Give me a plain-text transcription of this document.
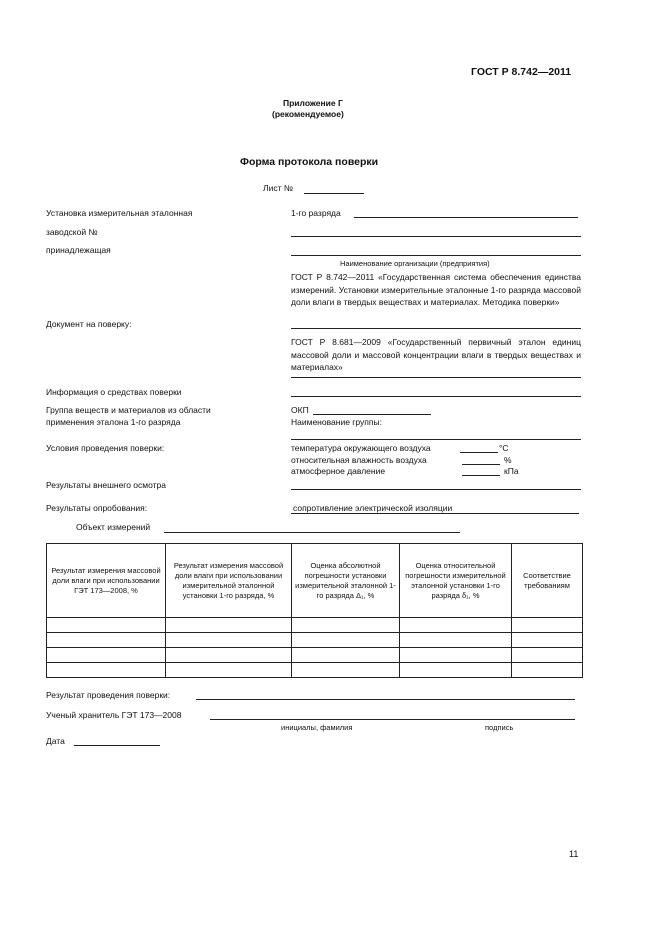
ГОСТ Р 8.742—2011
Приложение Г
(рекомендуемое)
Форма протокола поверки
Лист №
Установка измерительная эталонная	1-го разряда
заводской №
принадлежащая
Наименование организации (предприятия)
ГОСТ Р 8.742—2011 «Государственная система обеспечения единства измерений. Установки измерительные эталонные 1-го разряда массовой доли влаги в твердых веществах и материалах. Методика поверки»
Документ на поверку:
ГОСТ Р 8.681—2009 «Государственный первичный эталон единиц массовой доли и массовой концентрации влаги в твердых веществах и материалах»
Информация о средствах поверки
Группа веществ и материалов из области
применения эталона 1-го разряда
ОКП
Наименование группы:
Условия проведения поверки:	температура окружающего воздуха	°С
относительная влажность воздуха	%
атмосферное давление	кПа
Результаты внешнего осмотра
Результаты опробования:	сопротивление электрической изоляции
Объект измерений
Результат измерения массовой доли влаги при использовании ГЭТ 173—2008, %	Результат измерения массовой доли влаги при использовании измерительной эталонной установки 1-го разряда, %	Оценка абсолютной погрешности установки измерительной эталонной 1-го разряда Δ₁, %	Оценка относительной погрешности измерительной эталонной установки 1-го разряда δ₁, %	Соответствие требованиям

Результат проведения поверки:
Ученый хранитель ГЭТ 173—2008
инициалы, фамилия	подпись
Дата
11
